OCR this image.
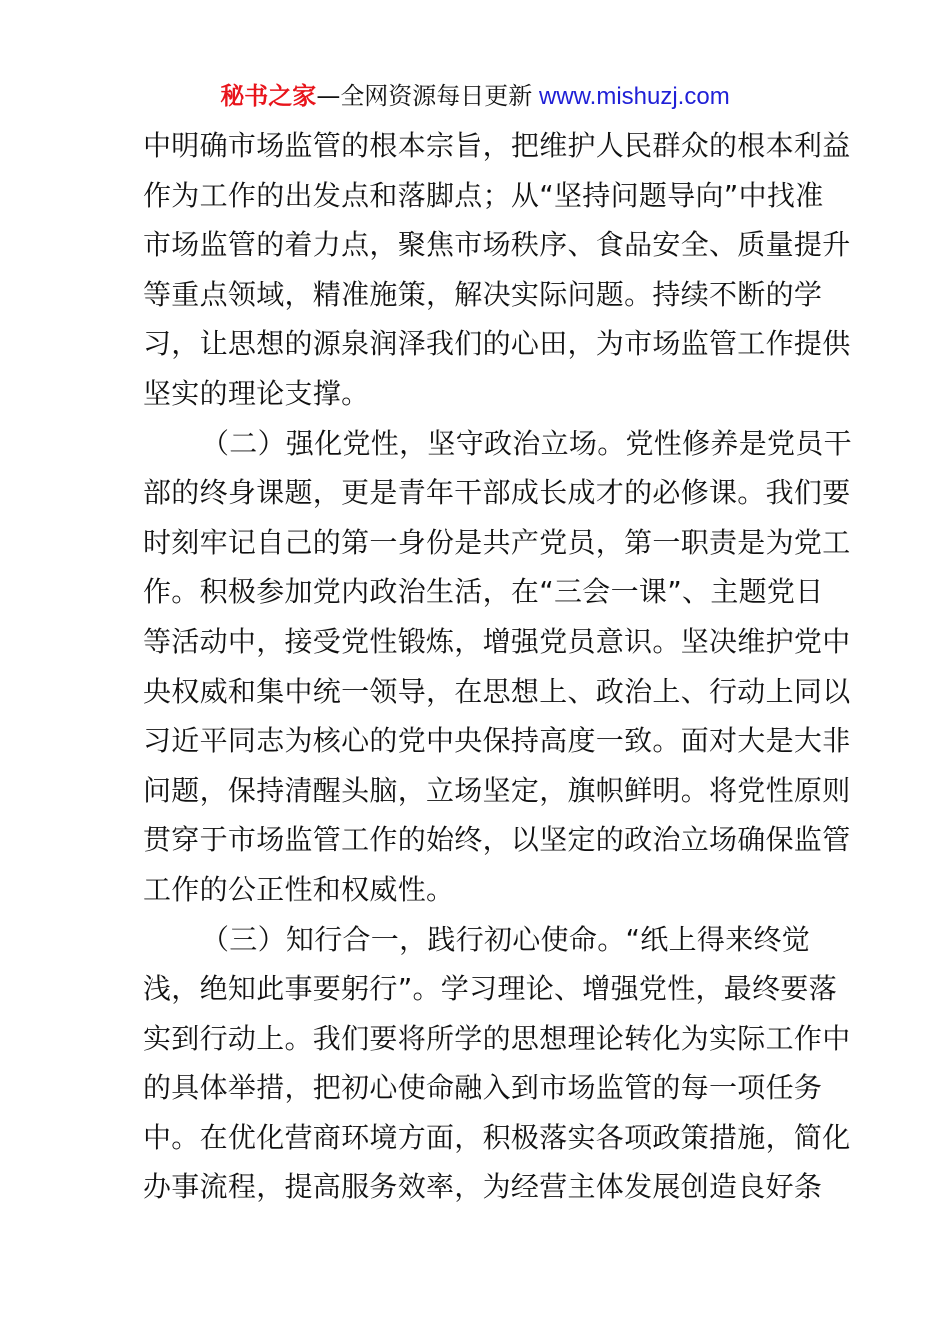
秘书之家—全网资源每日更新 www.mishuzj.com
中明确市场监管的根本宗旨，把维护人民群众的根本利益
作为工作的出发点和落脚点；从“坚持问题导向”中找准
市场监管的着力点，聚焦市场秩序、食品安全、质量提升
等重点领域，精准施策，解决实际问题。持续不断的学
习，让思想的源泉润泽我们的心田，为市场监管工作提供
坚实的理论支撑。
（二）强化党性，坚守政治立场。党性修养是党员干
部的终身课题，更是青年干部成长成才的必修课。我们要
时刻牢记自己的第一身份是共产党员，第一职责是为党工
作。积极参加党内政治生活，在“三会一课”、主题党日
等活动中，接受党性锻炼，增强党员意识。坚决维护党中
央权威和集中统一领导，在思想上、政治上、行动上同以
习近平同志为核心的党中央保持高度一致。面对大是大非
问题，保持清醒头脑，立场坚定，旗帜鲜明。将党性原则
贯穿于市场监管工作的始终，以坚定的政治立场确保监管
工作的公正性和权威性。
（三）知行合一，践行初心使命。“纸上得来终觉
浅，绝知此事要躬行”。学习理论、增强党性，最终要落
实到行动上。我们要将所学的思想理论转化为实际工作中
的具体举措，把初心使命融入到市场监管的每一项任务
中。在优化营商环境方面，积极落实各项政策措施，简化
办事流程，提高服务效率，为经营主体发展创造良好条
